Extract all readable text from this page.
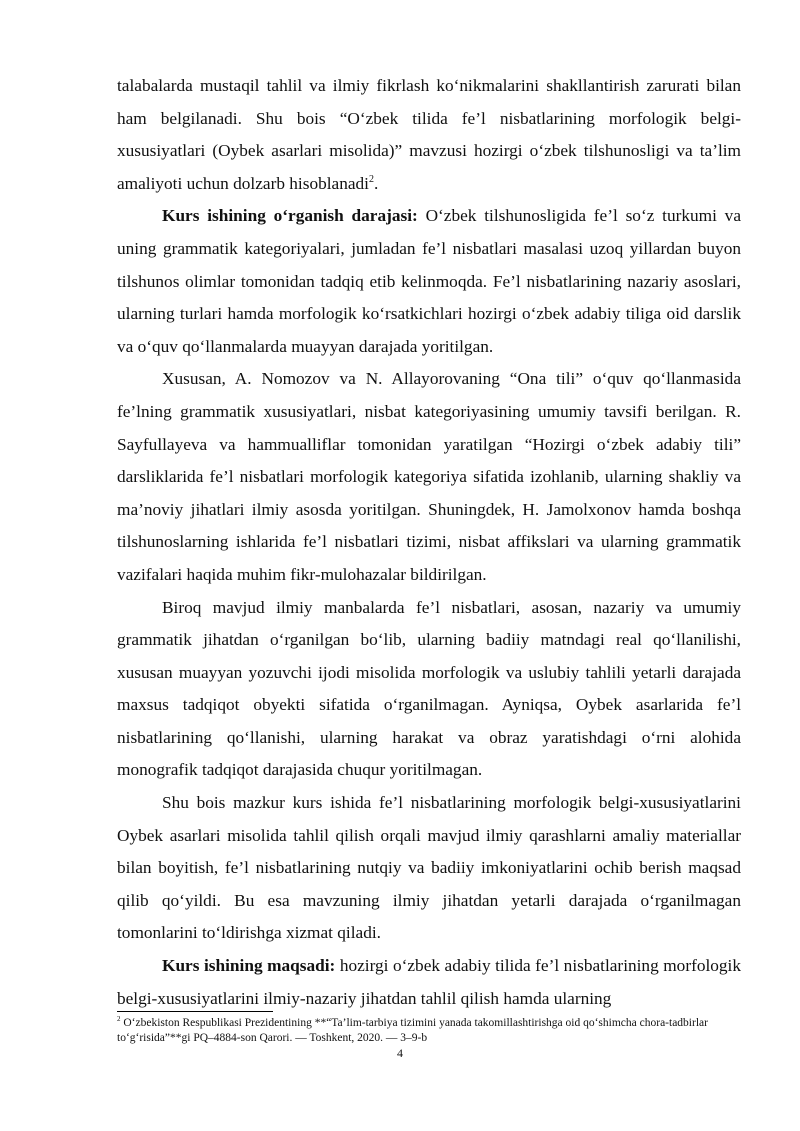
talabalarda mustaqil tahlil va ilmiy fikrlash ko‘nikmalarini shakllantirish zarurati bilan ham belgilanadi. Shu bois “O‘zbek tilida fe’l nisbatlarining morfologik belgi-xususiyatlari (Oybek asarlari misolida)” mavzusi hozirgi o‘zbek tilshunosligi va ta’lim amaliyoti uchun dolzarb hisoblanadi$^2$.

Kurs ishining o‘rganish darajasi: O‘zbek tilshunosligida fe’l so‘z turkumi va uning grammatik kategoriyalari, jumladan fe’l nisbatlari masalasi uzoq yillardan buyon tilshunos olimlar tomonidan tadqiq etib kelinmoqda. Fe’l nisbatlarining nazariy asoslari, ularning turlari hamda morfologik ko‘rsatkichlari hozirgi o‘zbek adabiy tiliga oid darslik va o‘quv qo‘llanmalarda muayyan darajada yoritilgan.

Xususan, A. Nomozov va N. Allayorovaning “Ona tili” o‘quv qo‘llanmasida fe’lning grammatik xususiyatlari, nisbat kategoriyasining umumiy tavsifi berilgan. R. Sayfullayeva va hammualliflar tomonidan yaratilgan “Hozirgi o‘zbek adabiy tili” darsliklarida fe’l nisbatlari morfologik kategoriya sifatida izohlanib, ularning shakliy va ma’noviy jihatlari ilmiy asosda yoritilgan. Shuningdek, H. Jamolxonov hamda boshqa tilshunoslarning ishlarida fe’l nisbatlari tizimi, nisbat affikslari va ularning grammatik vazifalari haqida muhim fikr-mulohazalar bildirilgan.

Biroq mavjud ilmiy manbalarda fe’l nisbatlari, asosan, nazariy va umumiy grammatik jihatdan o‘rganilgan bo‘lib, ularning badiiy matndagi real qo‘llanilishi, xususan muayyan yozuvchi ijodi misolida morfologik va uslubiy tahlili yetarli darajada maxsus tadqiqot obyekti sifatida o‘rganilmagan. Ayniqsa, Oybek asarlarida fe’l nisbatlarining qo‘llanishi, ularning harakat va obraz yaratishdagi o‘rni alohida monografik tadqiqot darajasida chuqur yoritilmagan.

Shu bois mazkur kurs ishida fe’l nisbatlarining morfologik belgi-xususiyatlarini Oybek asarlari misolida tahlil qilish orqali mavjud ilmiy qarashlarni amaliy materiallar bilan boyitish, fe’l nisbatlarining nutqiy va badiiy imkoniyatlarini ochib berish maqsad qilib qo‘yildi. Bu esa mavzuning ilmiy jihatdan yetarli darajada o‘rganilmagan tomonlarini to‘ldirishga xizmat qiladi.

Kurs ishining maqsadi: hozirgi o‘zbek adabiy tilida fe’l nisbatlarining morfologik belgi-xususiyatlarini ilmiy-nazariy jihatdan tahlil qilish hamda ularning

$^2$ O‘zbekiston Respublikasi Prezidentining **“Ta’lim-tarbiya tizimini yanada takomillashtirishga oid qo‘shimcha chora-tadbirlar to‘g‘risida”**gi PQ–4884-son Qarori. — Toshkent, 2020. — 3–9-b

4
